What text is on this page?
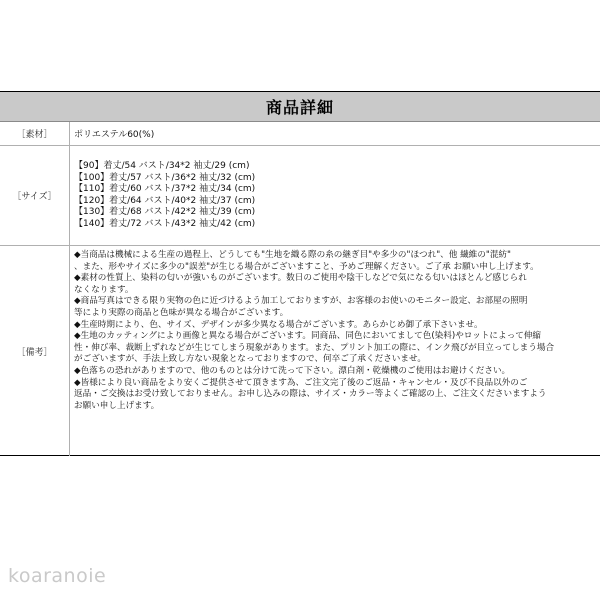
商品詳細
［素材］	ポリエステル60(%)
［サイズ］
【90】着丈/54 バスト/34*2 袖丈/29 (cm)
【100】着丈/57 バスト/36*2 袖丈/32 (cm)
【110】着丈/60 バスト/37*2 袖丈/34 (cm)
【120】着丈/64 バスト/40*2 袖丈/37 (cm)
【130】着丈/68 バスト/42*2 袖丈/39 (cm)
【140】着丈/72 バスト/43*2 袖丈/42 (cm)
［備考］
◆当商品は機械による生産の過程上、どうしても"生地を織る際の糸の継ぎ目"や多少の"ほつれ"、他 繊維の"混紡"
、また、形やサイズに多少の"誤差"が生じる場合がございますこと、予めご理解ください。ご了承 お願い申し上げます。
◆素材の性質上、染料の匂いが強いものがございます。数日のご使用や陰干しなどで気になる匂いはほとんど感じられ
なくなります。
◆商品写真はできる限り実物の色に近づけるよう加工しておりますが、お客様のお使いのモニター設定、お部屋の照明
等により実際の商品と色味が異なる場合がございます。
◆生産時期により、色、サイズ、デザインが多少異なる場合がございます。あらかじめ御了承下さいませ。
◆生地のカッティングにより画像と異なる場合がございます。同商品、同色においてまして色(染料)やロットによって伸縮
性・伸び率、裁断上ずれなどが生じてしまう現象があります。また、プリント加工の際に、インク飛びが目立ってしまう場合
がございますが、手法上致し方ない現象となっておりますので、何卒ご了承くださいませ。
◆色落ちの恐れがありますので、他のものとは分けて洗って下さい。漂白剤・乾燥機のご使用はお避けください。
◆皆様により良い商品をより安くご提供させて頂きます為、ご注文完了後のご返品・キャンセル・及び不良品以外のご
返品・ご交換はお受け致しておりません。お申し込みの際は、サイズ・カラー等よくご確認の上、ご注文くださいますよう
お願い申し上げます。
koaranoie
